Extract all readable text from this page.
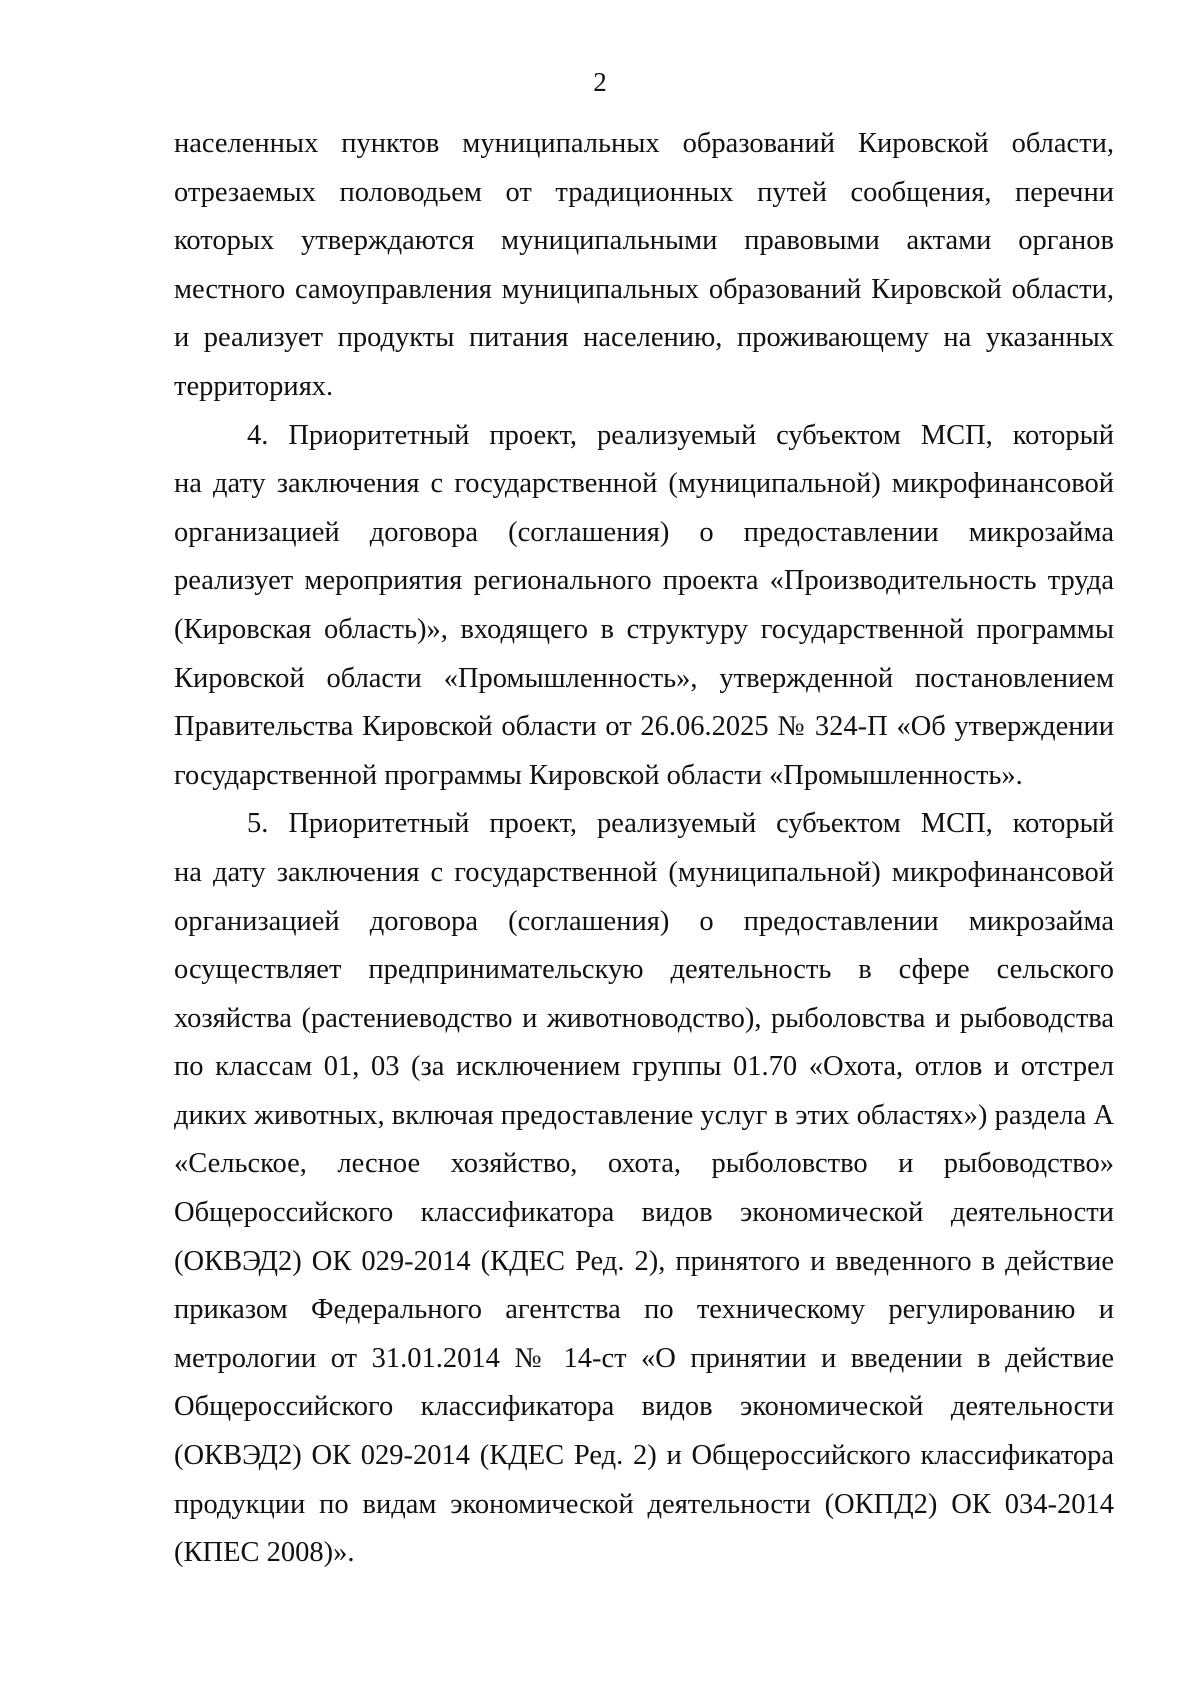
2
населенных пунктов муниципальных образований Кировской области,
отрезаемых половодьем от традиционных путей сообщения, перечни
которых утверждаются муниципальными правовыми актами органов
местного самоуправления муниципальных образований Кировской области,
и реализует продукты питания населению, проживающему на указанных
территориях.
4. Приоритетный проект, реализуемый субъектом МСП, который
на дату заключения с государственной (муниципальной) микрофинансовой
организацией договора (соглашения) о предоставлении микрозайма
реализует мероприятия регионального проекта «Производительность труда
(Кировская область)», входящего в структуру государственной программы
Кировской области «Промышленность», утвержденной постановлением
Правительства Кировской области от 26.06.2025 № 324-П «Об утверждении
государственной программы Кировской области «Промышленность».
5. Приоритетный проект, реализуемый субъектом МСП, который
на дату заключения с государственной (муниципальной) микрофинансовой
организацией договора (соглашения) о предоставлении микрозайма
осуществляет предпринимательскую деятельность в сфере сельского
хозяйства (растениеводство и животноводство), рыболовства и рыбоводства
по классам 01, 03 (за исключением группы 01.70 «Охота, отлов и отстрел
диких животных, включая предоставление услуг в этих областях») раздела А
«Сельское, лесное хозяйство, охота, рыболовство и рыбоводство»
Общероссийского классификатора видов экономической деятельности
(ОКВЭД2) ОК 029-2014 (КДЕС Ред. 2), принятого и введенного в действие
приказом Федерального агентства по техническому регулированию и
метрологии от 31.01.2014 № 14-ст «О принятии и введении в действие
Общероссийского классификатора видов экономической деятельности
(ОКВЭД2) ОК 029-2014 (КДЕС Ред. 2) и Общероссийского классификатора
продукции по видам экономической деятельности (ОКПД2) ОК 034-2014
(КПЕС 2008)».
